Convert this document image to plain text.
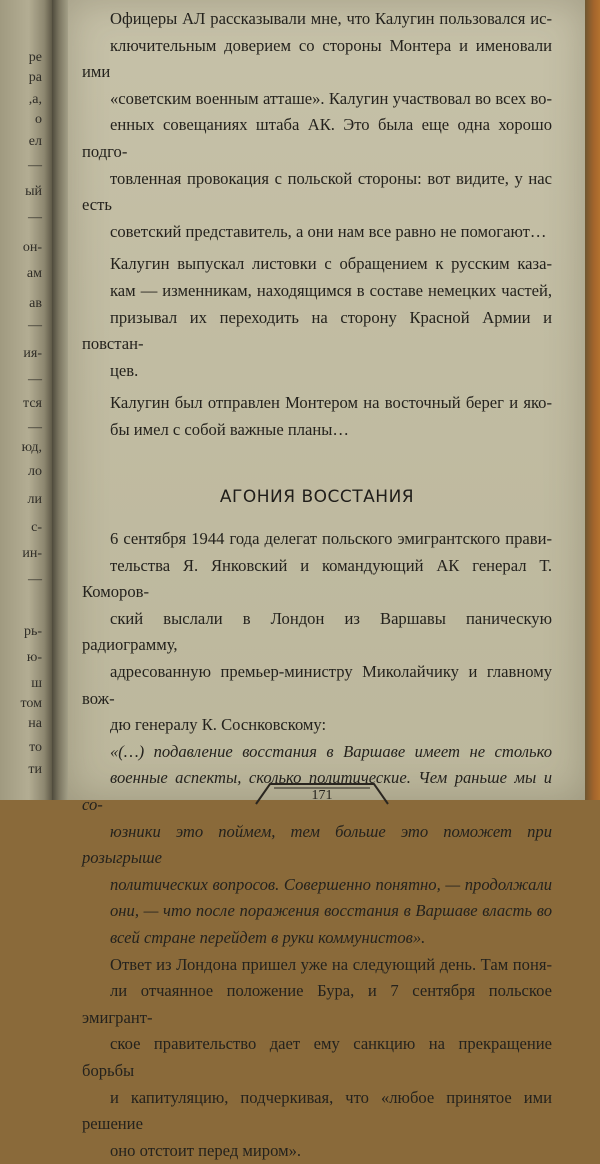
ре
ра
,а,
о
ел
—
ый
—
он-
ам
ав
—
ия-
—
тся
—
юд,
ло
ли
с-
ин-
—
рь-
ю-
ш
том
на
то
ти

Офицеры АЛ рассказывали мне, что Калугин пользовался ис-
ключительным доверием со стороны Монтера и именовали ими
«советским военным атташе». Калугин участвовал во всех во-
енных совещаниях штаба АК. Это была еще одна хорошо подго-
товленная провокация с польской стороны: вот видите, у нас есть
советский представитель, а они нам все равно не помогают…

Калугин выпускал листовки с обращением к русским каза-
кам — изменникам, находящимся в составе немецких частей,
призывал их переходить на сторону Красной Армии и повстан-
цев.

Калугин был отправлен Монтером на восточный берег и яко-
бы имел с собой важные планы…

АГОНИЯ ВОССТАНИЯ

6 сентября 1944 года делегат польского эмигрантского прави-
тельства Я. Янковский и командующий АК генерал Т. Коморов-
ский выслали в Лондон из Варшавы паническую радиограмму,
адресованную премьер-министру Миколайчику и главному вож-
дю генералу К. Соснковскому:

«(…) подавление восстания в Варшаве имеет не столько
военные аспекты, сколько политические. Чем раньше мы и со-
юзники это поймем, тем больше это поможет при розыгрыше
политических вопросов. Совершенно понятно, — продолжали
они, — что после поражения восстания в Варшаве власть во
всей стране перейдет в руки коммунистов».

Ответ из Лондона пришел уже на следующий день. Там поня-
ли отчаянное положение Бура, и 7 сентября польское эмигрант-
ское правительство дает ему санкцию на прекращение борьбы
и капитуляцию, подчеркивая, что «любое принятое ими решение
оно отстоит перед миром».

171
